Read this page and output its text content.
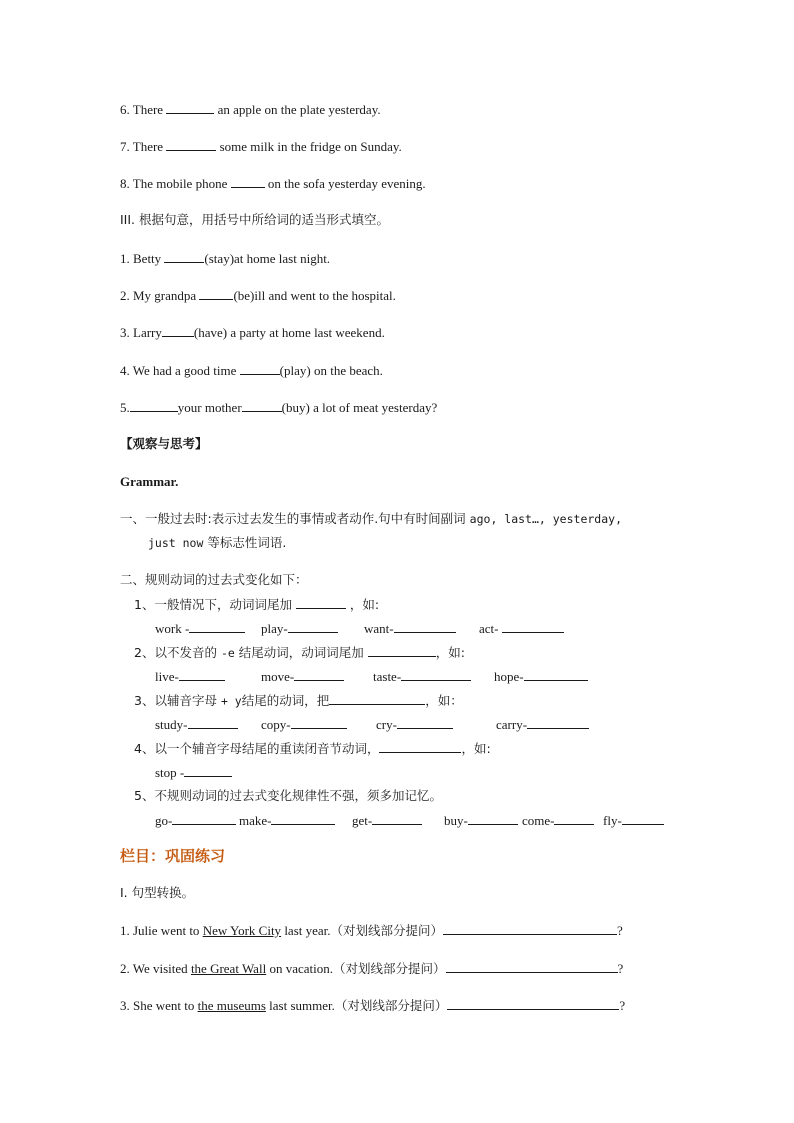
6. There	an apple on the plate yesterday.
7. There	some milk in the fridge on Sunday.
8. The mobile phone	on the sofa yesterday evening.
III. 根据句意，用括号中所给词的适当形式填空。
1. Betty	(stay)at home last night.
2. My grandpa	(be)ill and went to the hospital.
3. Larry (have) a party at home last weekend.
4. We had a good time	(play) on the beach.
5.	your mother	(buy) a lot of meat yesterday?
【观察与思考】
Grammar.
一、一般过去时:表示过去发生的事情或者动作.句中有时间副词 ago, last…, yesterday,
just now 等标志性词语.
二、规则动词的过去式变化如下：
1、一般情况下，动词词尾加	，如:
work -	play-	want-	act-
2、以不发音的 -e 结尾动词，动词词尾加	，如:
live-	move-	taste-	hope-
3、以辅音字母 + y结尾的动词，把	，如：
study-	copy-	cry-	carry-
4、以一个辅音字母结尾的重读闭音节动词，	，如:
stop -
5、不规则动词的过去式变化规律性不强，须多加记忆。
go-	make-	get-	buy-	come-	fly-
栏目：巩固练习
Ⅰ. 句型转换。
1. Julie went to New York City last year.（对划线部分提问）	?
2. We visited the Great Wall on vacation.（对划线部分提问）	?
3. She went to the museums last summer.（对划线部分提问）	?
